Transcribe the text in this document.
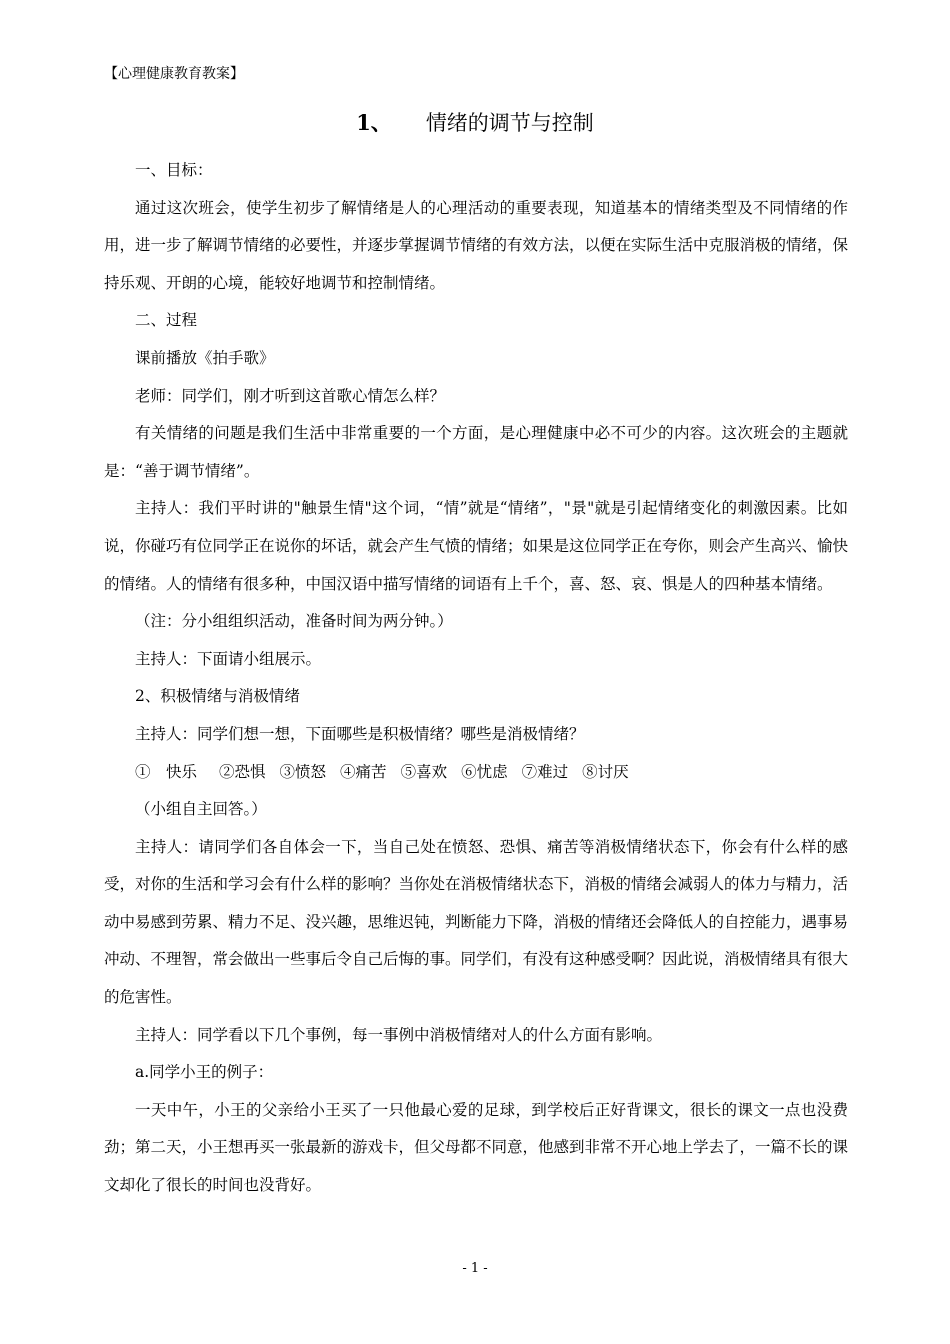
【心理健康教育教案】
1、 情绪的调节与控制

一、目标：

通过这次班会，使学生初步了解情绪是人的心理活动的重要表现，知道基本的情绪类型及不同情绪的作用，进一步了解调节情绪的必要性，并逐步掌握调节情绪的有效方法，以便在实际生活中克服消极的情绪，保持乐观、开朗的心境，能较好地调节和控制情绪。

二、过程

课前播放《拍手歌》

老师：同学们，刚才听到这首歌心情怎么样？

有关情绪的问题是我们生活中非常重要的一个方面，是心理健康中必不可少的内容。这次班会的主题就是：“善于调节情绪”。

主持人：我们平时讲的"触景生情"这个词，“情”就是“情绪”，"景"就是引起情绪变化的刺激因素。比如说，你碰巧有位同学正在说你的坏话，就会产生气愤的情绪；如果是这位同学正在夸你，则会产生高兴、愉快的情绪。人的情绪有很多种，中国汉语中描写情绪的词语有上千个，喜、怒、哀、惧是人的四种基本情绪。

（注：分小组组织活动，准备时间为两分钟。）

主持人：下面请小组展示。

2、积极情绪与消极情绪

主持人：同学们想一想，下面哪些是积极情绪？哪些是消极情绪？

①　快乐 ②恐惧 ③愤怒 ④痛苦 ⑤喜欢 ⑥忧虑 ⑦难过 ⑧讨厌

（小组自主回答。）

主持人：请同学们各自体会一下，当自己处在愤怒、恐惧、痛苦等消极情绪状态下，你会有什么样的感受，对你的生活和学习会有什么样的影响？当你处在消极情绪状态下，消极的情绪会减弱人的体力与精力，活动中易感到劳累、精力不足、没兴趣，思维迟钝，判断能力下降，消极的情绪还会降低人的自控能力，遇事易冲动、不理智，常会做出一些事后令自己后悔的事。同学们，有没有这种感受啊？因此说，消极情绪具有很大的危害性。

主持人：同学看以下几个事例，每一事例中消极情绪对人的什么方面有影响。

a.同学小王的例子：

一天中午，小王的父亲给小王买了一只他最心爱的足球，到学校后正好背课文，很长的课文一点也没费劲；第二天，小王想再买一张最新的游戏卡，但父母都不同意，他感到非常不开心地上学去了，一篇不长的课文却化了很长的时间也没背好。

- 1 -
